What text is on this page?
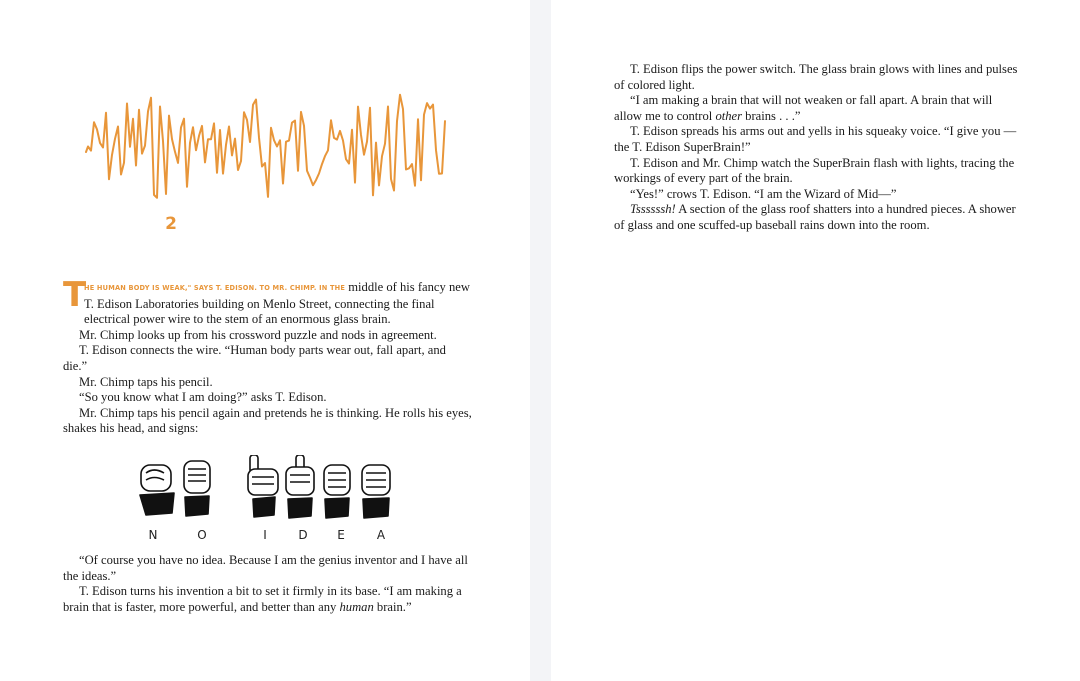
2
T
HE HUMAN BODY IS WEAK," SAYS T. EDISON. TO MR. CHIMP. IN THE middle of his fancy new T. Edison Laboratories building on Menlo Street, connecting the final electrical power wire to the stem of an enormous glass brain.

Mr. Chimp looks up from his crossword puzzle and nods in agreement.

T. Edison connects the wire. “Human body parts wear out, fall apart, and die.”

Mr. Chimp taps his pencil.

“So you know what I am doing?” asks T. Edison.

Mr. Chimp taps his pencil again and pretends he is thinking. He rolls his eyes, shakes his head, and signs:

N	O	I	D	E	A

“Of course you have no idea. Because I am the genius inventor and I have all the ideas.”

T. Edison turns his invention a bit to set it firmly in its base. “I am making a brain that is faster, more powerful, and better than any human brain.”

T. Edison flips the power switch. The glass brain glows with lines and pulses of colored light.

“I am making a brain that will not weaken or fall apart. A brain that will allow me to control other brains . . .”

T. Edison spreads his arms out and yells in his squeaky voice. “I give you —the T. Edison SuperBrain!”

T. Edison and Mr. Chimp watch the SuperBrain flash with lights, tracing the workings of every part of the brain.

“Yes!” crows T. Edison. “I am the Wizard of Mid—”

Tssssssh! A section of the glass roof shatters into a hundred pieces. A shower of glass and one scuffed-up baseball rains down into the room.
